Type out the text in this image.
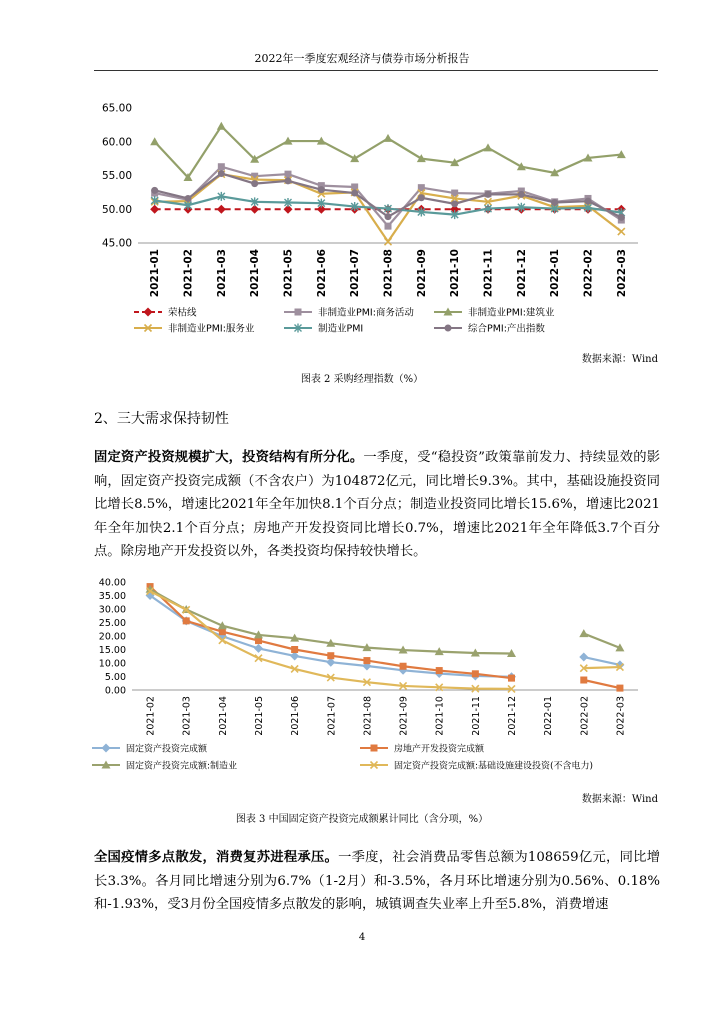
2022年一季度宏观经济与债券市场分析报告
45.00
50.00
55.00
60.00
65.00
2021-01 2021-02 2021-03 2021-04 2021-05 2021-06 2021-07 2021-08 2021-09 2021-10 2021-11 2021-12 2022-01 2022-02 2022-03
荣枯线	非制造业PMI:商务活动	非制造业PMI:建筑业
非制造业PMI:服务业	制造业PMI	综合PMI:产出指数
数据来源：Wind
图表 2 采购经理指数（%）
2、三大需求保持韧性
固定资产投资规模扩大，投资结构有所分化。一季度，受“稳投资”政策靠前发力、持续显效的影响，固定资产投资完成额（不含农户）为104872亿元，同比增长9.3%。其中，基础设施投资同比增长8.5%，增速比2021年全年加快8.1个百分点；制造业投资同比增长15.6%，增速比2021年全年加快2.1个百分点；房地产开发投资同比增长0.7%，增速比2021年全年降低3.7个百分点。除房地产开发投资以外，各类投资均保持较快增长。
0.00
5.00
10.00
15.00
20.00
25.00
30.00
35.00
40.00
2021-02	2021-03	2021-04	2021-05	2021-06	2021-07	2021-08	2021-09	2021-10	2021-11	2021-12	2022-01	2022-02	2022-03
固定资产投资完成额	房地产开发投资完成额
固定资产投资完成额:制造业	固定资产投资完成额:基础设施建设投资(不含电力)
数据来源：Wind
图表 3 中国固定资产投资完成额累计同比（含分项，%）
全国疫情多点散发，消费复苏进程承压。一季度，社会消费品零售总额为108659亿元，同比增长3.3%。各月同比增速分别为6.7%（1-2月）和-3.5%，各月环比增速分别为0.56%、0.18%和-1.93%，受3月份全国疫情多点散发的影响，城镇调查失业率上升至5.8%，消费增速
4
